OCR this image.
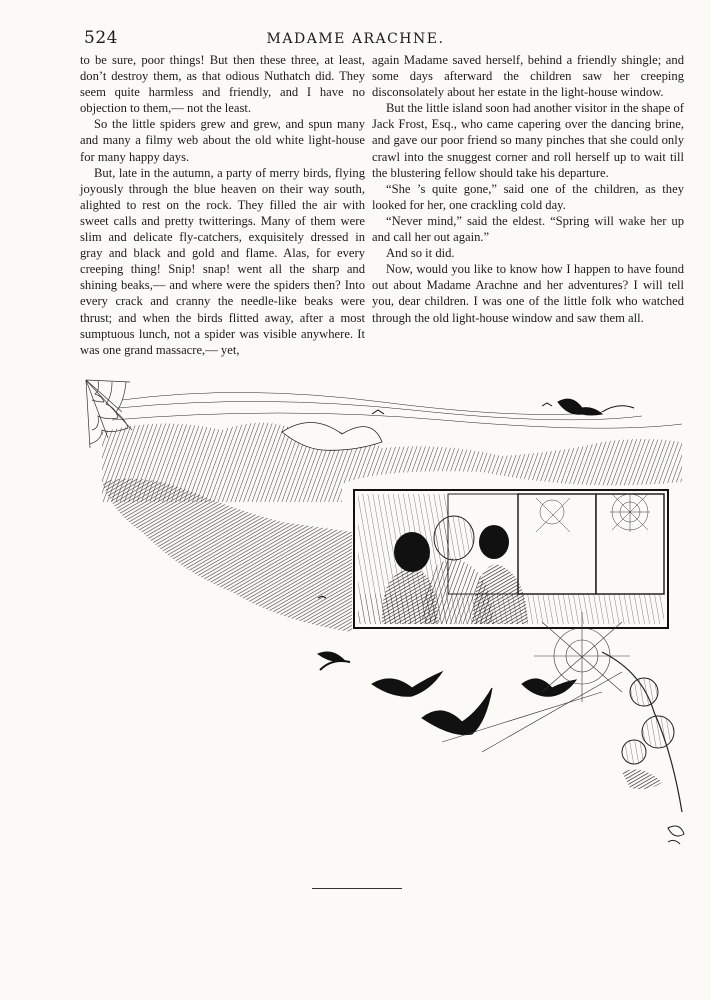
524	MADAME ARACHNE.

to be sure, poor things! But then these three, at least, don’t destroy them, as that odious Nuthatch did. They seem quite harmless and friendly, and I have no objection to them,— not the least.

So the little spiders grew and grew, and spun many and many a filmy web about the old white light-house for many happy days.

But, late in the autumn, a party of merry birds, flying joyously through the blue heaven on their way south, alighted to rest on the rock. They filled the air with sweet calls and pretty twitterings. Many of them were slim and delicate fly-catchers, exquisitely dressed in gray and black and gold and flame. Alas, for every creeping thing! Snip! snap! went all the sharp and shining beaks,— and where were the spiders then? Into every crack and cranny the needle-like beaks were thrust; and when the birds flitted away, after a most sumptuous lunch, not a spider was visible anywhere. It was one grand massacre,— yet,

again Madame saved herself, behind a friendly shingle; and some days afterward the children saw her creeping disconsolately about her estate in the light-house window.

But the little island soon had another visitor in the shape of Jack Frost, Esq., who came capering over the dancing brine, and gave our poor friend so many pinches that she could only crawl into the snuggest corner and roll herself up to wait till the blustering fellow should take his departure.

“She ’s quite gone,” said one of the children, as they looked for her, one crackling cold day.

“Never mind,” said the eldest. “Spring will wake her up and call her out again.”

And so it did.

Now, would you like to know how I happen to have found out about Madame Arachne and her adventures? I will tell you, dear children. I was one of the little folk who watched through the old light-house window and saw them all.
